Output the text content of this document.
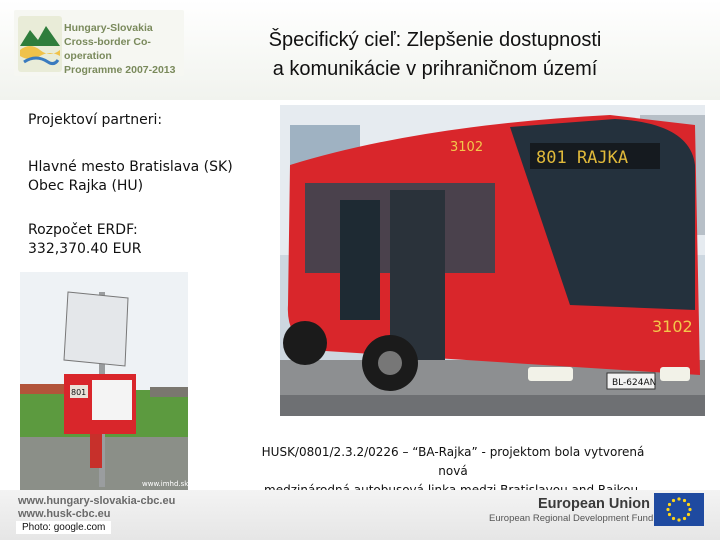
Hungary-Slovakia
Cross-border Co-operation
Programme 2007-2013
Špecifický cieľ: Zlepšenie dostupnosti
a komunikácie v prihraničnom území
Projektoví partneri:
Hlavné mesto Bratislava (SK)
Obec Rajka (HU)
Rozpočet ERDF:
332,370.40 EUR
801 RAJKA
3102
3102
BL-624AN
801
www.imhd.sk
HUSK/0801/2.3.2/0226 – “BA-Rajka” - projektom bola vytvorená nová
www.hungary-slovakia-cbc.eu
www.husk-cbc.eu
Photo: google.com
European Union
European Regional Development Fund
